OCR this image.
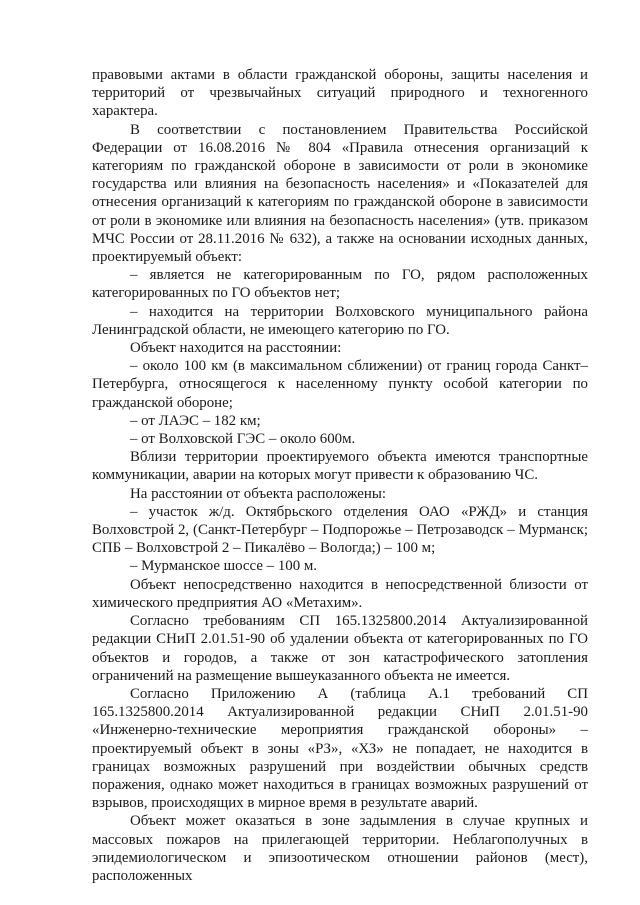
правовыми актами в области гражданской обороны, защиты населения и территорий от чрезвычайных ситуаций природного и техногенного характера.

В соответствии с постановлением Правительства Российской Федерации от 16.08.2016 № 804 «Правила отнесения организаций к категориям по гражданской обороне в зависимости от роли в экономике государства или влияния на безопасность населения» и «Показателей для отнесения организаций к категориям по гражданской обороне в зависимости от роли в экономике или влияния на безопасность населения» (утв. приказом МЧС России от 28.11.2016 № 632), а также на основании исходных данных, проектируемый объект:

– является не категорированным по ГО, рядом расположенных категорированных по ГО объектов нет;

– находится на территории Волховского муниципального района Ленинградской области, не имеющего категорию по ГО.

Объект находится на расстоянии:

– около 100 км (в максимальном сближении) от границ города Санкт– Петербурга, относящегося к населенному пункту особой категории по гражданской обороне;

– от ЛАЭС – 182 км;

– от Волховской ГЭС – около 600м.

Вблизи территории проектируемого объекта имеются транспортные коммуникации, аварии на которых могут привести к образованию ЧС.

На расстоянии от объекта расположены:

– участок ж/д. Октябрьского отделения ОАО «РЖД» и станция Волховстрой 2, (Санкт-Петербург – Подпорожье – Петрозаводск – Мурманск; СПБ – Волховстрой 2 – Пикалёво – Вологда;) – 100 м;

– Мурманское шоссе – 100 м.

Объект непосредственно находится в непосредственной близости от химического предприятия АО «Метахим».

Согласно требованиям СП 165.1325800.2014 Актуализированной редакции СНиП 2.01.51-90 об удалении объекта от категорированных по ГО объектов и городов, а также от зон катастрофического затопления ограничений на размещение вышеуказанного объекта не имеется.

Согласно Приложению А (таблица А.1 требований СП 165.1325800.2014 Актуализированной редакции СНиП 2.01.51-90 «Инженерно-технические мероприятия гражданской обороны» – проектируемый объект в зоны «РЗ», «ХЗ» не попадает, не находится в границах возможных разрушений при воздействии обычных средств поражения, однако может находиться в границах возможных разрушений от взрывов, происходящих в мирное время в результате аварий.

Объект может оказаться в зоне задымления в случае крупных и массовых пожаров на прилегающей территории. Неблагополучных в эпидемиологическом и эпизоотическом отношении районов (мест), расположенных
